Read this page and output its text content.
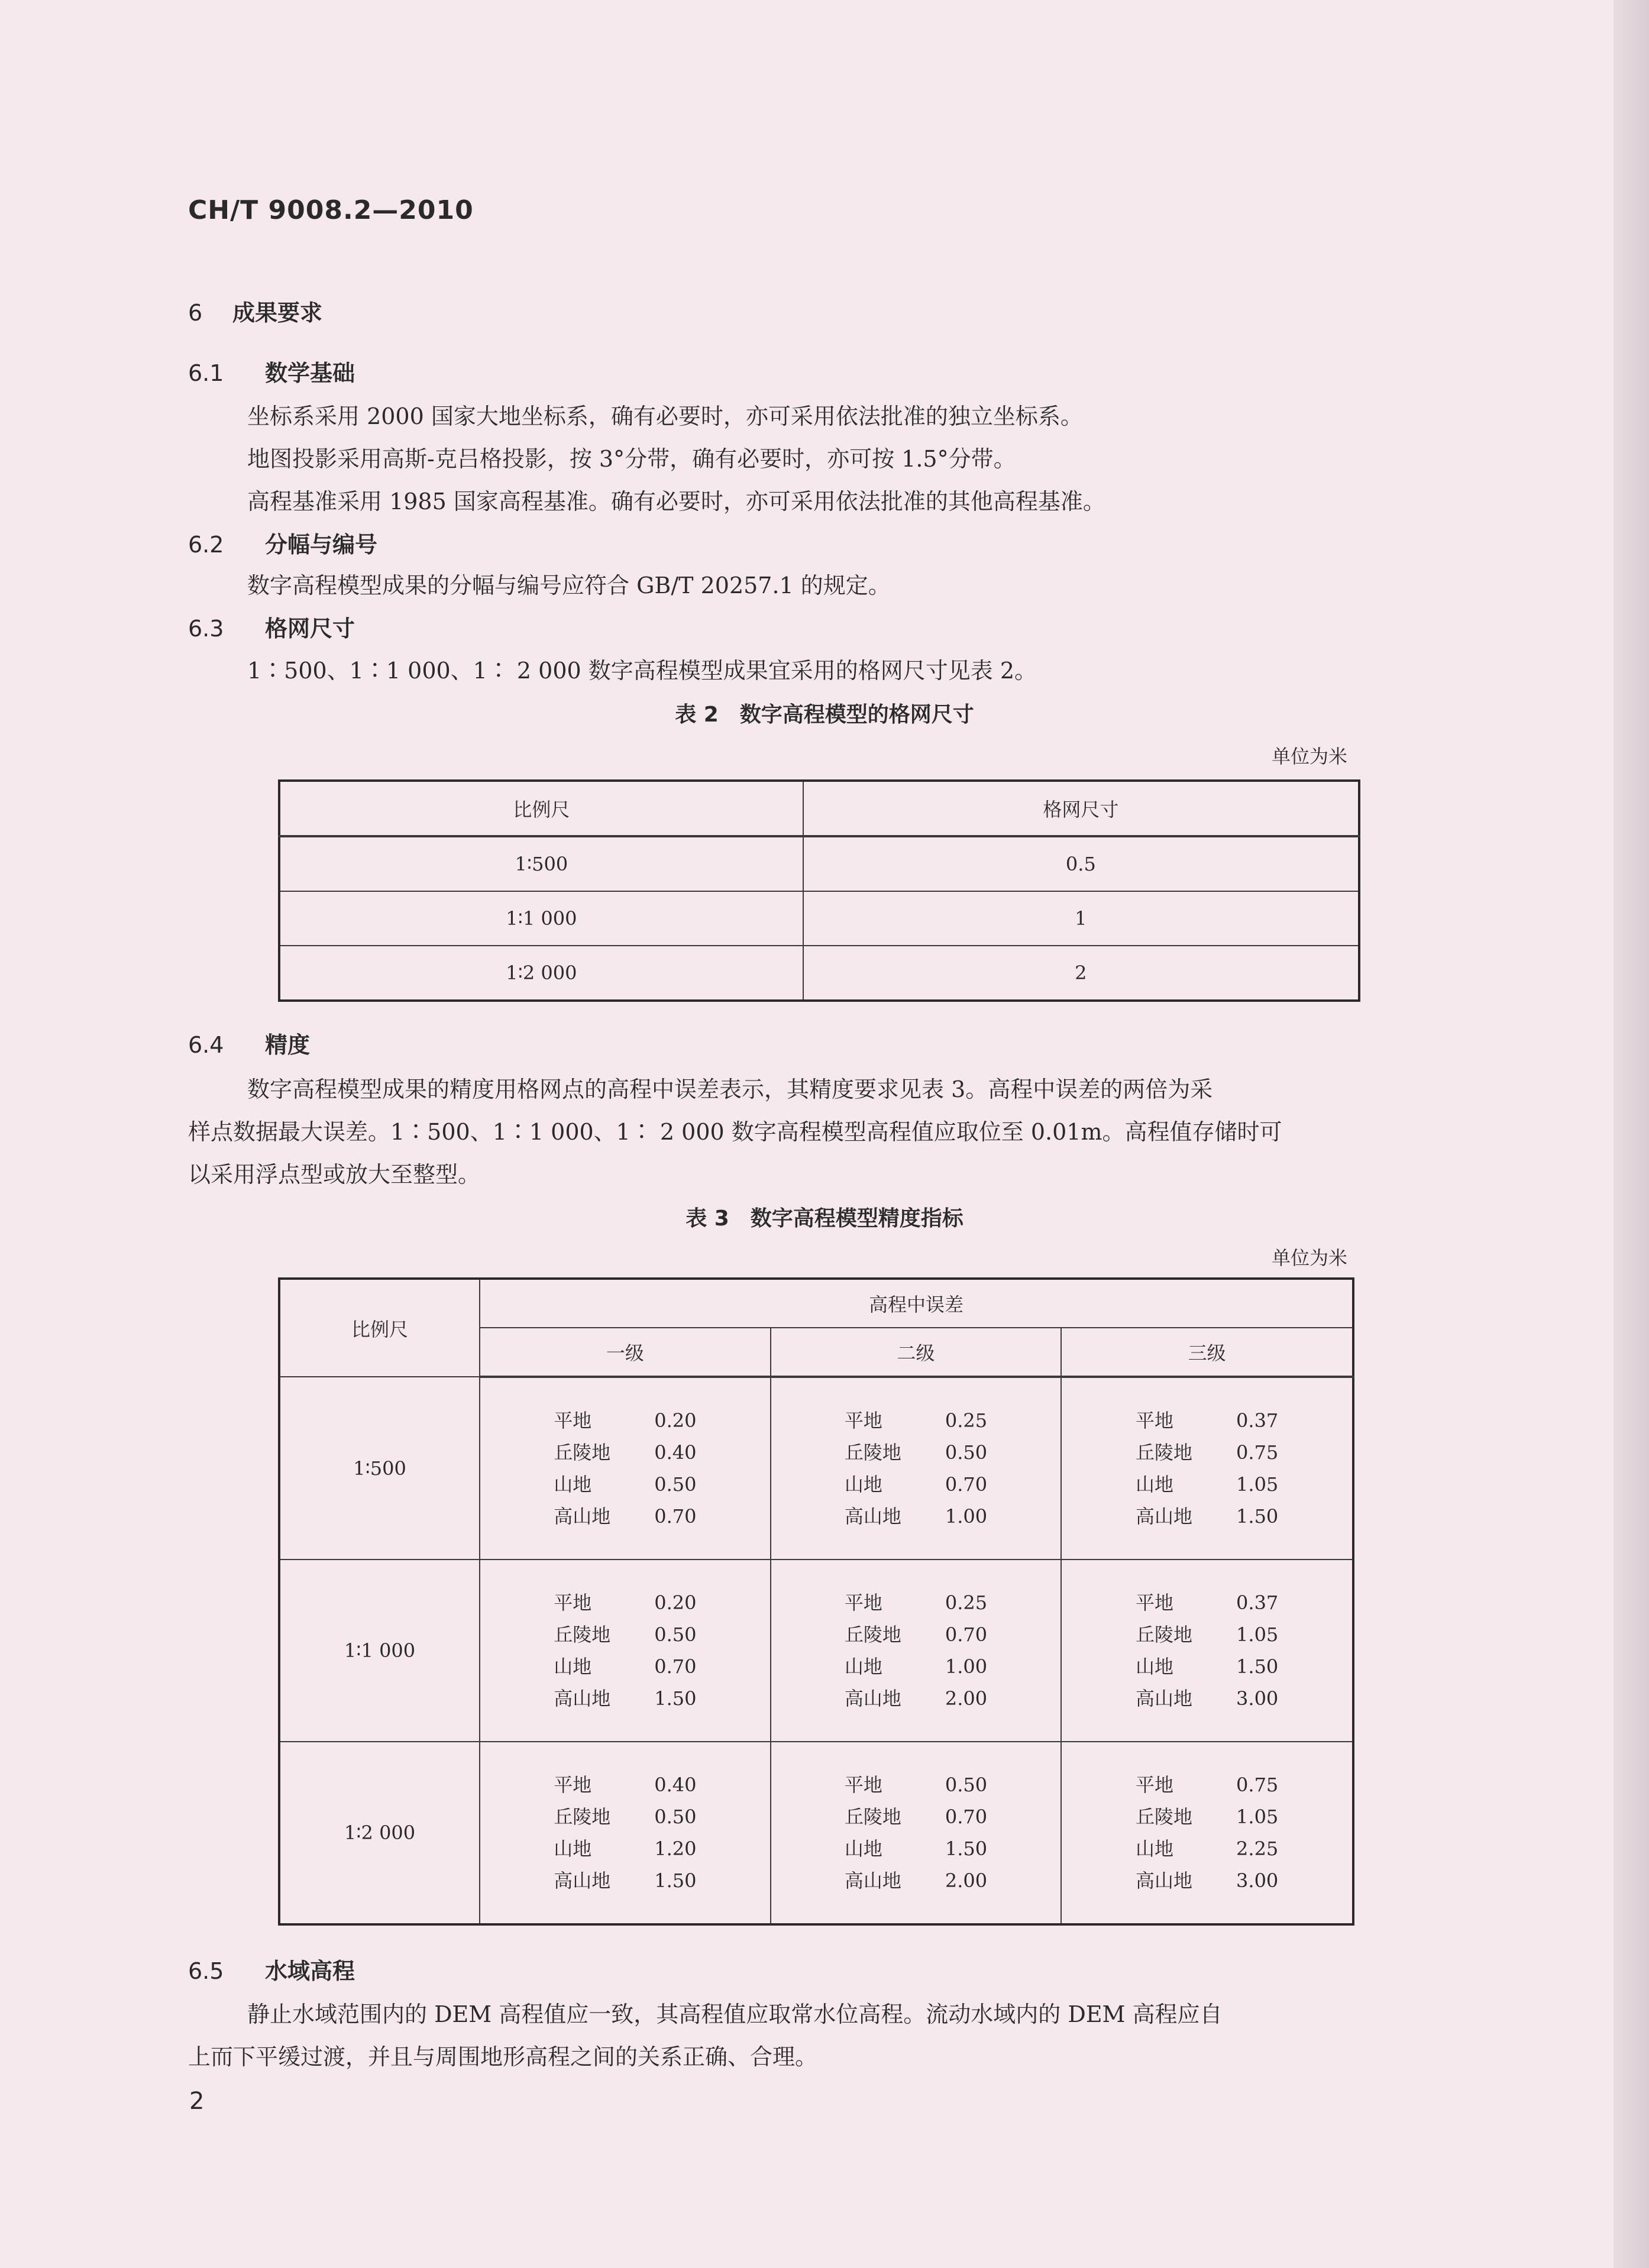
CH/T 9008.2—2010
6 成果要求
6.1 数学基础
坐标系采用 2000 国家大地坐标系，确有必要时，亦可采用依法批准的独立坐标系。
地图投影采用高斯-克吕格投影，按 3°分带，确有必要时，亦可按 1.5°分带。
高程基准采用 1985 国家高程基准。确有必要时，亦可采用依法批准的其他高程基准。
6.2 分幅与编号
数字高程模型成果的分幅与编号应符合 GB/T 20257.1 的规定。
6.3 格网尺寸
1∶500、1∶1 000、1∶ 2 000 数字高程模型成果宜采用的格网尺寸见表 2。
表 2　数字高程模型的格网尺寸
单位为米
比例尺	格网尺寸
1∶500	0.5
1∶1 000	1
1∶2 000	2
6.4 精度
数字高程模型成果的精度用格网点的高程中误差表示，其精度要求见表 3。高程中误差的两倍为采
样点数据最大误差。1∶500、1∶1 000、1∶ 2 000 数字高程模型高程值应取位至 0.01m。高程值存储时可
以采用浮点型或放大至整型。
表 3　数字高程模型精度指标
单位为米
比例尺	高程中误差		
	一级	二级	三级
1∶500	平地 0.20
丘陵地 0.40
山地 0.50
高山地 0.70	平地 0.25
丘陵地 0.50
山地 0.70
高山地 1.00	平地 0.37
丘陵地 0.75
山地 1.05
高山地 1.50

1∶1 000	平地 0.20
丘陵地 0.50
山地 0.70
高山地 1.50	平地 0.25
丘陵地 0.70
山地 1.00
高山地 2.00	平地 0.37
丘陵地 1.05
山地 1.50
高山地 3.00

1∶2 000	平地 0.40
丘陵地 0.50
山地 1.20
高山地 1.50	平地 0.50
丘陵地 0.70
山地 1.50
高山地 2.00	平地 0.75
丘陵地 1.05
山地 2.25
高山地 3.00
6.5 水域高程
静止水域范围内的 DEM 高程值应一致，其高程值应取常水位高程。流动水域内的 DEM 高程应自
上而下平缓过渡，并且与周围地形高程之间的关系正确、合理。
2
